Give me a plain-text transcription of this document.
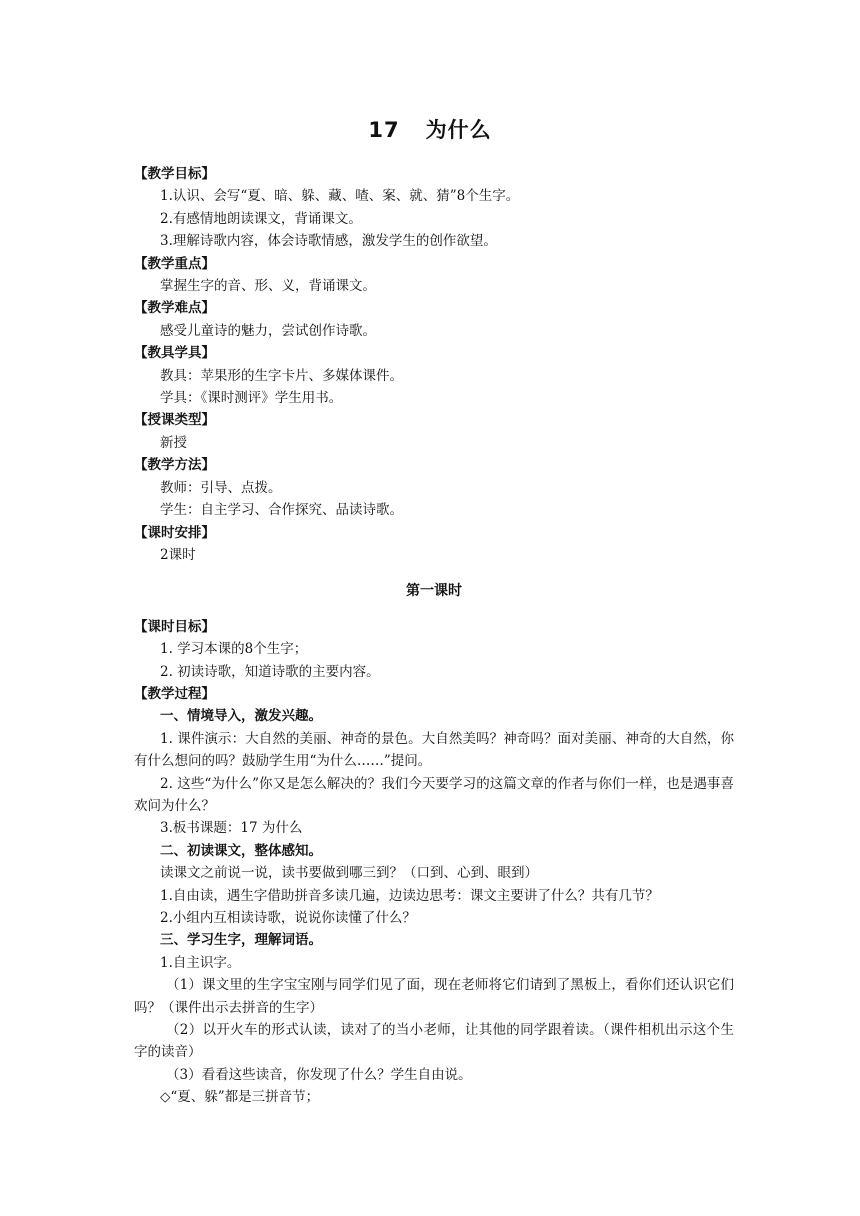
17 为什么

【教学目标】

1.认识、会写“夏、暗、躲、藏、喳、案、就、猜”8个生字。

2.有感情地朗读课文，背诵课文。

3.理解诗歌内容，体会诗歌情感，激发学生的创作欲望。

【教学重点】

掌握生字的音、形、义，背诵课文。

【教学难点】

感受儿童诗的魅力，尝试创作诗歌。

【教具学具】

教具：苹果形的生字卡片、多媒体课件。

学具：《课时测评》学生用书。

【授课类型】

新授

【教学方法】

教师：引导、点拨。

学生：自主学习、合作探究、品读诗歌。

【课时安排】

2课时

第一课时

【课时目标】

1. 学习本课的8个生字；

2. 初读诗歌，知道诗歌的主要内容。

【教学过程】

一、情境导入，激发兴趣。

1. 课件演示：大自然的美丽、神奇的景色。大自然美吗？神奇吗？面对美丽、神奇的大自然，你有什么想问的吗？鼓励学生用“为什么……”提问。

2. 这些“为什么”你又是怎么解决的？我们今天要学习的这篇文章的作者与你们一样，也是遇事喜欢问为什么？

3.板书课题：17 为什么

二、初读课文，整体感知。

读课文之前说一说，读书要做到哪三到？（口到、心到、眼到）

1.自由读，遇生字借助拼音多读几遍，边读边思考：课文主要讲了什么？共有几节？

2.小组内互相读诗歌，说说你读懂了什么？

三、学习生字，理解词语。

1.自主识字。

（1）课文里的生字宝宝刚与同学们见了面，现在老师将它们请到了黑板上，看你们还认识它们吗？（课件出示去拼音的生字）

（2）以开火车的形式认读，读对了的当小老师，让其他的同学跟着读。（课件相机出示这个生字的读音）

（3）看看这些读音，你发现了什么？学生自由说。

◇“夏、躲”都是三拼音节；
